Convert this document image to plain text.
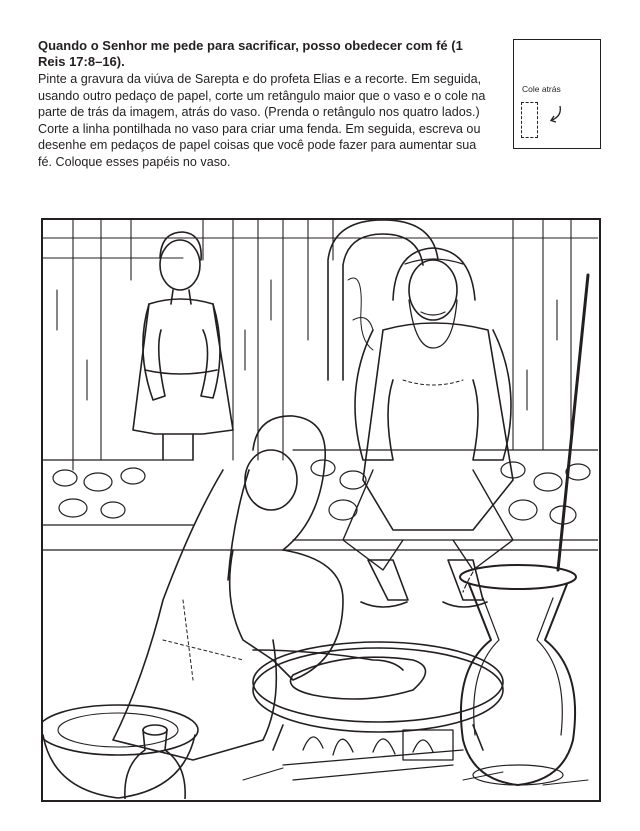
Quando o Senhor me pede para sacrificar, posso obedecer com fé (1 Reis 17:8–16).
Pinte a gravura da viúva de Sarepta e do profeta Elias e a recorte. Em seguida, usando outro pedaço de papel, corte um retângulo maior que o vaso e o cole na parte de trás da imagem, atrás do vaso. (Prenda o retângulo nos quatro lados.) Corte a linha pontilhada no vaso para criar uma fenda. Em seguida, escreva ou desenhe em pedaços de papel coisas que você pode fazer para aumentar sua fé. Coloque esses papéis no vaso.
Cole atrás
